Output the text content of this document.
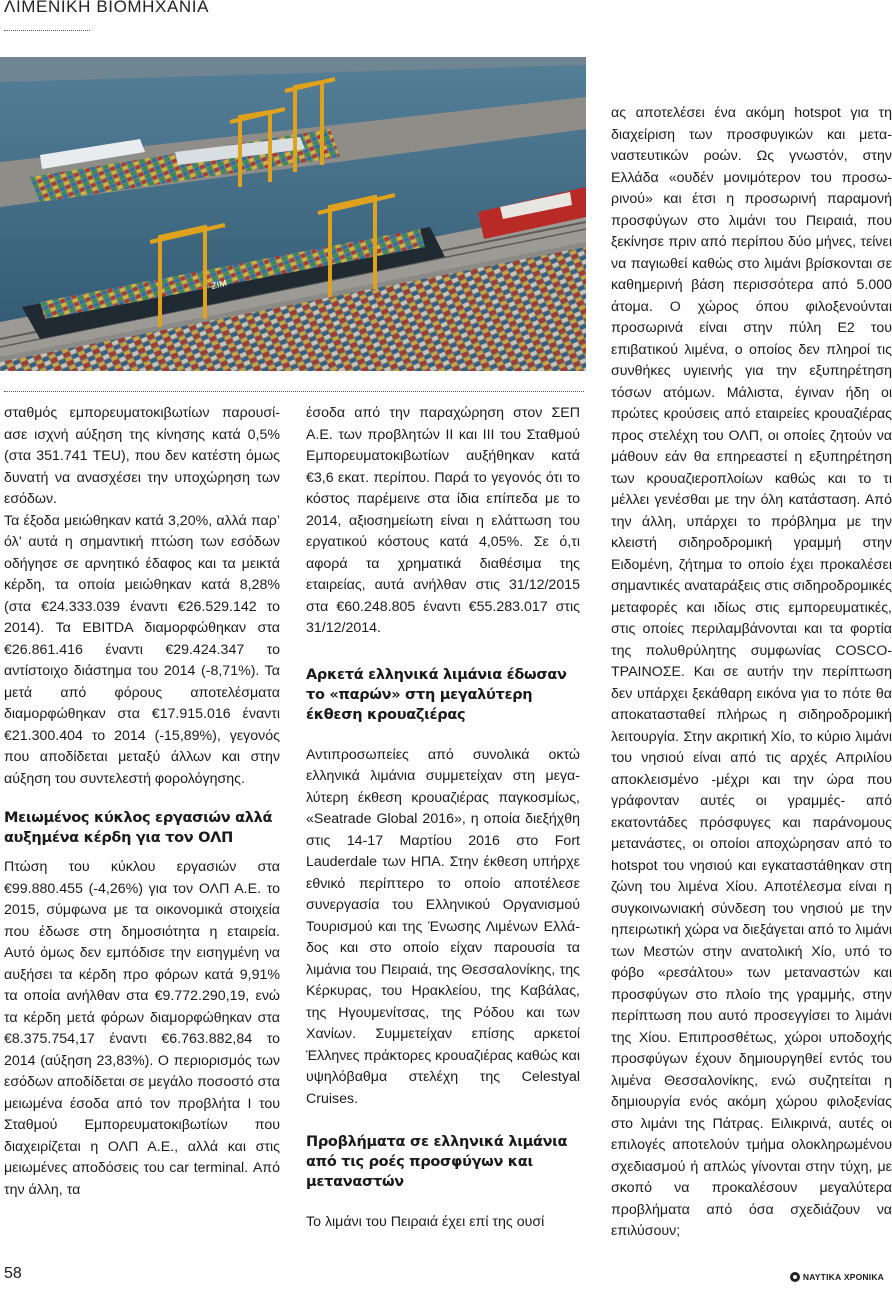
ΛΙΜΕΝΙΚΗ ΒΙΟΜΗΧΑΝΙΑ
ZIM

σταθμός εμπορευματοκιβωτίων παρουσίασε ισχνή αύξηση της κίνησης κατά 0,5% (στα 351.741 TEU), που δεν κατέστη όμως δυνατή να ανασχέσει την υποχώρηση των εσόδων.

Τα έξοδα μειώθηκαν κατά 3,20%, αλλά παρ’ όλ’ αυτά η σημαντική πτώση των εσόδων οδήγησε σε αρνητικό έδαφος και τα μεικτά κέρδη, τα οποία μειώθηκαν κατά 8,28% (στα €24.333.039 έναντι €26.529.142 το 2014). Τα EBITDA διαμορφώθηκαν στα €26.861.416 έναντι €29.424.347 το αντίστοιχο διάστημα του 2014 (-8,71%). Τα μετά από φόρους αποτελέσματα διαμορφώθηκαν στα €17.915.016 έναντι €21.300.404 το 2014 (-15,89%), γεγονός που αποδίδεται μεταξύ άλλων και στην αύξηση του συντελεστή φορολόγησης.

Μειωμένος κύκλος εργασιών αλλά αυξημένα κέρδη για τον ΟΛΠ

Πτώση του κύκλου εργασιών στα €99.880.455 (-4,26%) για τον ΟΛΠ Α.Ε. το 2015, σύμφωνα με τα οικονομικά στοιχεία που έδωσε στη δημοσιότητα η εταιρεία. Αυτό όμως δεν εμπόδισε την εισηγμένη να αυξήσει τα κέρδη προ φόρων κατά 9,91% τα οποία ανήλθαν στα €9.772.290,19, ενώ τα κέρδη μετά φόρων διαμορφώθηκαν στα €8.375.754,17 έναντι €6.763.882,84 το 2014 (αύξηση 23,83%). Ο περιορισμός των εσόδων αποδίδεται σε μεγάλο ποσοστό στα μειωμένα έσοδα από τον προβλήτα Ι του Σταθμού Εμπορευματοκιβωτίων που διαχειρίζεται η ΟΛΠ Α.Ε., αλλά και στις μειωμένες αποδόσεις του car terminal. Από την άλλη, τα

έσοδα από την παραχώρηση στον ΣΕΠ Α.Ε. των προβλητών ΙΙ και ΙΙΙ του Σταθμού Εμπορευματοκιβωτίων αυξήθηκαν κατά €3,6 εκατ. περίπου. Παρά το γεγονός ότι το κόστος παρέμεινε στα ίδια επίπεδα με το 2014, αξιοσημείωτη είναι η ελάττωση του εργατικού κόστους κατά 4,05%. Σε ό,τι αφορά τα χρηματικά διαθέσιμα της εταιρείας, αυτά ανήλθαν στις 31/12/2015 στα €60.248.805 έναντι €55.283.017 στις 31/12/2014.

Αρκετά ελληνικά λιμάνια έδωσαν το «παρών» στη μεγαλύτερη έκθεση κρουαζιέρας

Αντιπροσωπείες από συνολικά οκτώ ελληνικά λιμάνια συμμετείχαν στη μεγαλύτερη έκθεση κρουαζιέρας παγκοσμίως, «Seatrade Global 2016», η οποία διεξήχθη στις 14-17 Μαρτίου 2016 στο Fort Lauderdale των ΗΠΑ. Στην έκθεση υπήρχε εθνικό περίπτερο το οποίο αποτέλεσε συνεργασία του Ελληνικού Οργανισμού Τουρισμού και της Ένωσης Λιμένων Ελλάδος και στο οποίο είχαν παρουσία τα λιμάνια του Πειραιά, της Θεσσαλονίκης, της Κέρκυρας, του Ηρακλείου, της Καβάλας, της Ηγουμενίτσας, της Ρόδου και των Χανίων. Συμμετείχαν επίσης αρκετοί Έλληνες πράκτορες κρουαζιέρας καθώς και υψηλόβαθμα στελέχη της Celestyal Cruises.

Προβλήματα σε ελληνικά λιμάνια από τις ροές προσφύγων και μεταναστών

Το λιμάνι του Πειραιά έχει επί της ουσί

ας αποτελέσει ένα ακόμη hotspot για τη διαχείριση των προσφυγικών και μεταναστευτικών ροών. Ως γνωστόν, στην Ελλάδα «ουδέν μονιμότερον του προσωρινού» και έτσι η προσωρινή παραμονή προσφύγων στο λιμάνι του Πειραιά, που ξεκίνησε πριν από περίπου δύο μήνες, τείνει να παγιωθεί καθώς στο λιμάνι βρίσκονται σε καθημερινή βάση περισσότερα από 5.000 άτομα. Ο χώρος όπου φιλοξενούνται προσωρινά είναι στην πύλη Ε2 του επιβατικού λιμένα, ο οποίος δεν πληροί τις συνθήκες υγιεινής για την εξυπηρέτηση τόσων ατόμων. Μάλιστα, έγιναν ήδη οι πρώτες κρούσεις από εταιρείες κρουαζιέρας προς στελέχη του ΟΛΠ, οι οποίες ζητούν να μάθουν εάν θα επηρεαστεί η εξυπηρέτηση των κρουαζιερoπλοίων καθώς και το τι μέλλει γενέσθαι με την όλη κατάσταση. Από την άλλη, υπάρχει το πρόβλημα με την κλειστή σιδηροδρομική γραμμή στην Ειδομένη, ζήτημα το οποίο έχει προκαλέσει σημαντικές αναταράξεις στις σιδηροδρομικές μεταφορές και ιδίως στις εμπορευματικές, στις οποίες περιλαμβάνονται και τα φορτία της πολυθρύλητης συμφωνίας COSCO-ΤΡΑΙΝΟΣΕ. Και σε αυτήν την περίπτωση δεν υπάρχει ξεκάθαρη εικόνα για το πότε θα αποκατασταθεί πλήρως η σιδηροδρομική λειτουργία. Στην ακριτική Χίο, το κύριο λιμάνι του νησιού είναι από τις αρχές Απριλίου αποκλεισμένο -μέχρι και την ώρα που γράφονταν αυτές οι γραμμές- από εκατοντάδες πρόσφυγες και παράνομους μετανάστες, οι οποίοι αποχώρησαν από το hotspot του νησιού και εγκαταστάθηκαν στη ζώνη του λιμένα Χίου. Αποτέλεσμα είναι η συγκοινωνιακή σύνδεση του νησιού με την ηπειρωτική χώρα να διεξάγεται από το λιμάνι των Μεστών στην ανατολική Χίο, υπό το φόβο «ρεσάλτου» των μεταναστών και προσφύγων στο πλοίο της γραμμής, στην περίπτωση που αυτό προσεγγίσει το λιμάνι της Χίου. Επιπροσθέτως, χώροι υποδοχής προσφύγων έχουν δημιουργηθεί εντός του λιμένα Θεσσαλονίκης, ενώ συζητείται η δημιουργία ενός ακόμη χώρου φιλοξενίας στο λιμάνι της Πάτρας. Ειλικρινά, αυτές οι επιλογές αποτελούν τμήμα ολοκληρωμένου σχεδιασμού ή απλώς γίνονται στην τύχη, με σκοπό να προκαλέσουν μεγαλύτερα προβλήματα από όσα σχεδιάζουν να επιλύσουν;

58	ΝΑΥΤΙΚΑ ΧΡΟΝΙΚΑ
